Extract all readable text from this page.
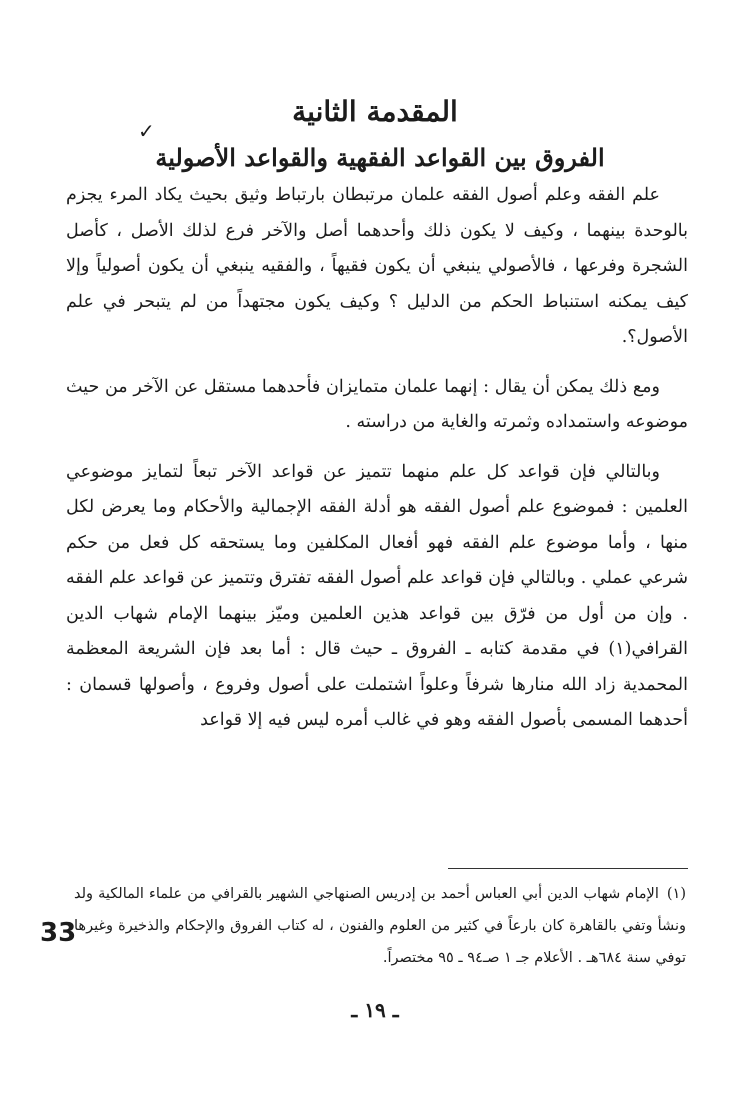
المقدمة الثانية
✓
الفروق بين القواعد الفقهية والقواعد الأصولية

علم الفقه وعلم أصول الفقه علمان مرتبطان بارتباط وثيق بحيث يكاد المرء يجزم بالوحدة بينهما ، وكيف لا يكون ذلك وأحدهما أصل والآخر فرع لذلك الأصل ، كأصل الشجرة وفرعها ، فالأصولي ينبغي أن يكون فقيهاً ، والفقيه ينبغي أن يكون أصولياً وإلا كيف يمكنه استنباط الحكم من الدليل ؟ وكيف يكون مجتهداً من لم يتبحر في علم الأصول؟.

ومع ذلك يمكن أن يقال : إنهما علمان متمايزان فأحدهما مستقل عن الآخر من حيث موضوعه واستمداده وثمرته والغاية من دراسته .

وبالتالي فإن قواعد كل علم منهما تتميز عن قواعد الآخر تبعاً لتمايز موضوعي العلمين : فموضوع علم أصول الفقه هو أدلة الفقه الإجمالية والأحكام وما يعرض لكل منها ، وأما موضوع علم الفقه فهو أفعال المكلفين وما يستحقه كل فعل من حكم شرعي عملي . وبالتالي فإن قواعد علم أصول الفقه تفترق وتتميز عن قواعد علم الفقه . وإن من أول من فرّق بين قواعد هذين العلمين وميّز بينهما الإمام شهاب الدين القرافي(١) في مقدمة كتابه ـ الفروق ـ حيث قال : أما بعد فإن الشريعة المعظمة المحمدية زاد الله منارها شرفاً وعلواً اشتملت على أصول وفروع ، وأصولها قسمان : أحدهما المسمى بأصول الفقه وهو في غالب أمره ليس فيه إلا قواعد

(١)الإمام شهاب الدين أبي العباس أحمد بن إدريس الصنهاجي الشهير بالقرافي من علماء المالكية ولد ونشأ وتفي بالقاهرة كان بارعاً في كثير من العلوم والفنون ، له كتاب الفروق والإحكام والذخيرة وغيرها توفي سنة ٦٨٤هـ . الأعلام جـ ١ صـ٩٤ ـ ٩٥ مختصراً.

33
ـ ١٩ ـ
